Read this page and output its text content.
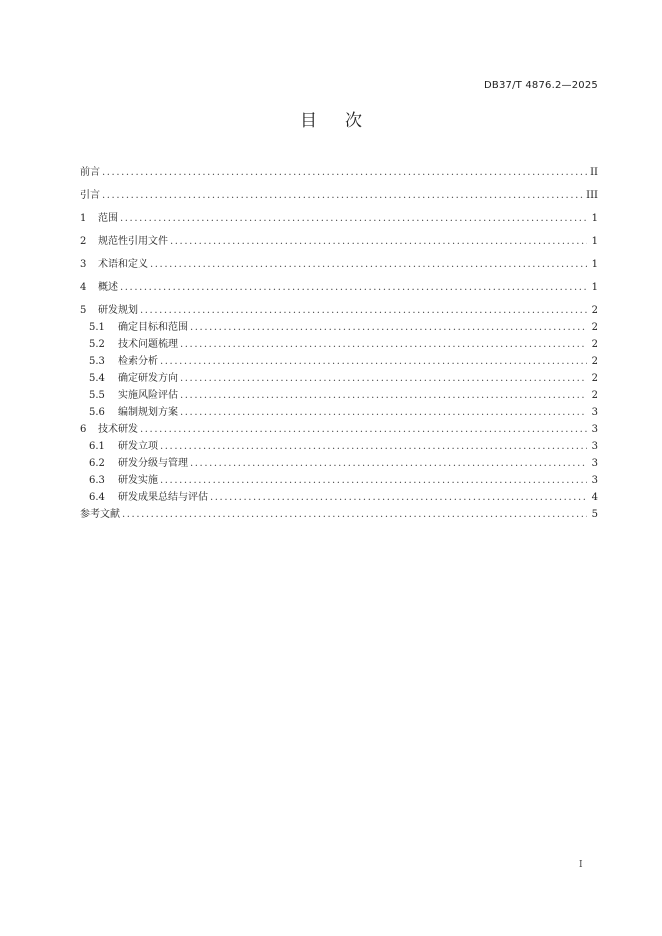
DB37/T 4876.2—2025
目次
前言 .....	II
引言 .....	III
1	范围 .....	1
2	规范性引用文件 .....	1
3	术语和定义 .....	1
4	概述 .....	1
5	研发规划 .....	2
5.1	确定目标和范围 .....	2
5.2	技术问题梳理 .....	2
5.3	检索分析 .....	2
5.4	确定研发方向 .....	2
5.5	实施风险评估 .....	2
5.6	编制规划方案 .....	3
6	技术研发 .....	3
6.1	研发立项 .....	3
6.2	研发分级与管理 .....	3
6.3	研发实施 .....	3
6.4	研发成果总结与评估 .....	4
参考文献 .....	5
I
